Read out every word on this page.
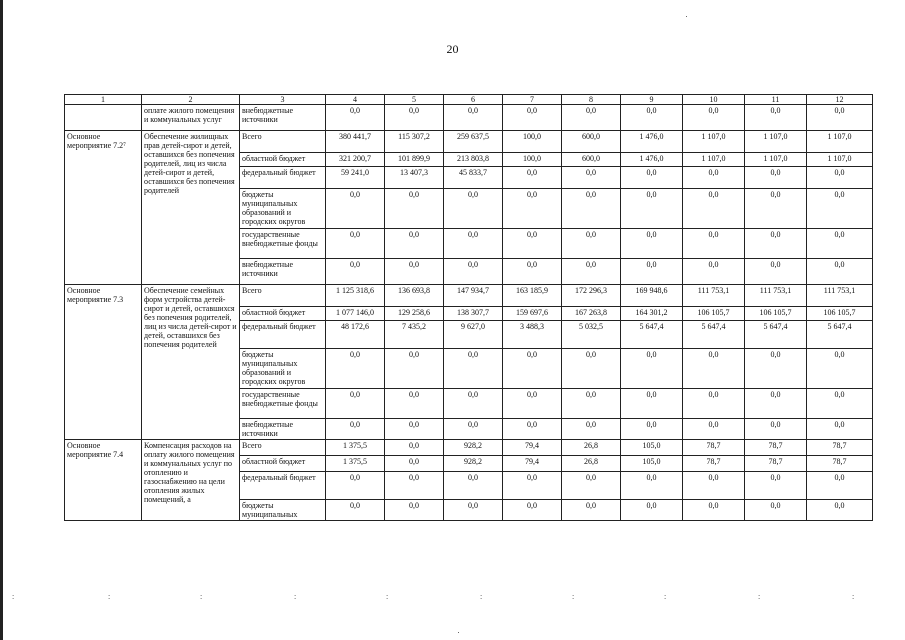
20
1	2	3	4	5	6	7	8	9	10	11	12
	оплате жилого помещения и коммунальных услуг	внебюджетные источники	0,0	0,0	0,0	0,0	0,0	0,0	0,0	0,0	0,0
Основное мероприятие 7.2⁷	Обеспечение жилищных прав детей-сирот и детей, оставшихся без попечения родителей, лиц из числа детей-сирот и детей, оставшихся без попечения родителей	Всего	380 441,7	115 307,2	259 637,5	100,0	600,0	1 476,0	1 107,0	1 107,0	1 107,0
		областной бюджет	321 200,7	101 899,9	213 803,8	100,0	600,0	1 476,0	1 107,0	1 107,0	1 107,0
		федеральный бюджет	59 241,0	13 407,3	45 833,7	0,0	0,0	0,0	0,0	0,0	0,0
		бюджеты муниципальных образований и городских округов	0,0	0,0	0,0	0,0	0,0	0,0	0,0	0,0	0,0
		государственные внебюджетные фонды	0,0	0,0	0,0	0,0	0,0	0,0	0,0	0,0	0,0
		внебюджетные источники	0,0	0,0	0,0	0,0	0,0	0,0	0,0	0,0	0,0
Основное мероприятие 7.3	Обеспечение семейных форм устройства детей-сирот и детей, оставшихся без попечения родителей, лиц из числа детей-сирот и детей, оставшихся без попечения родителей	Всего	1 125 318,6	136 693,8	147 934,7	163 185,9	172 296,3	169 948,6	111 753,1	111 753,1	111 753,1
		областной бюджет	1 077 146,0	129 258,6	138 307,7	159 697,6	167 263,8	164 301,2	106 105,7	106 105,7	106 105,7
		федеральный бюджет	48 172,6	7 435,2	9 627,0	3 488,3	5 032,5	5 647,4	5 647,4	5 647,4	5 647,4
		бюджеты муниципальных образований и городских округов	0,0	0,0	0,0	0,0	0,0	0,0	0,0	0,0	0,0
		государственные внебюджетные фонды	0,0	0,0	0,0	0,0	0,0	0,0	0,0	0,0	0,0
		внебюджетные источники	0,0	0,0	0,0	0,0	0,0	0,0	0,0	0,0	0,0
Основное мероприятие 7.4	Компенсация расходов на оплату жилого помещения и коммунальных услуг по отоплению и газоснабжению на цели отопления жилых помещений, а	Всего	1 375,5	0,0	928,2	79,4	26,8	105,0	78,7	78,7	78,7
		областной бюджет	1 375,5	0,0	928,2	79,4	26,8	105,0	78,7	78,7	78,7
		федеральный бюджет	0,0	0,0	0,0	0,0	0,0	0,0	0,0	0,0	0,0
		бюджеты муниципальных	0,0	0,0	0,0	0,0	0,0	0,0	0,0	0,0	0,0
:	:	:	:	:	:	:	:	:	:
